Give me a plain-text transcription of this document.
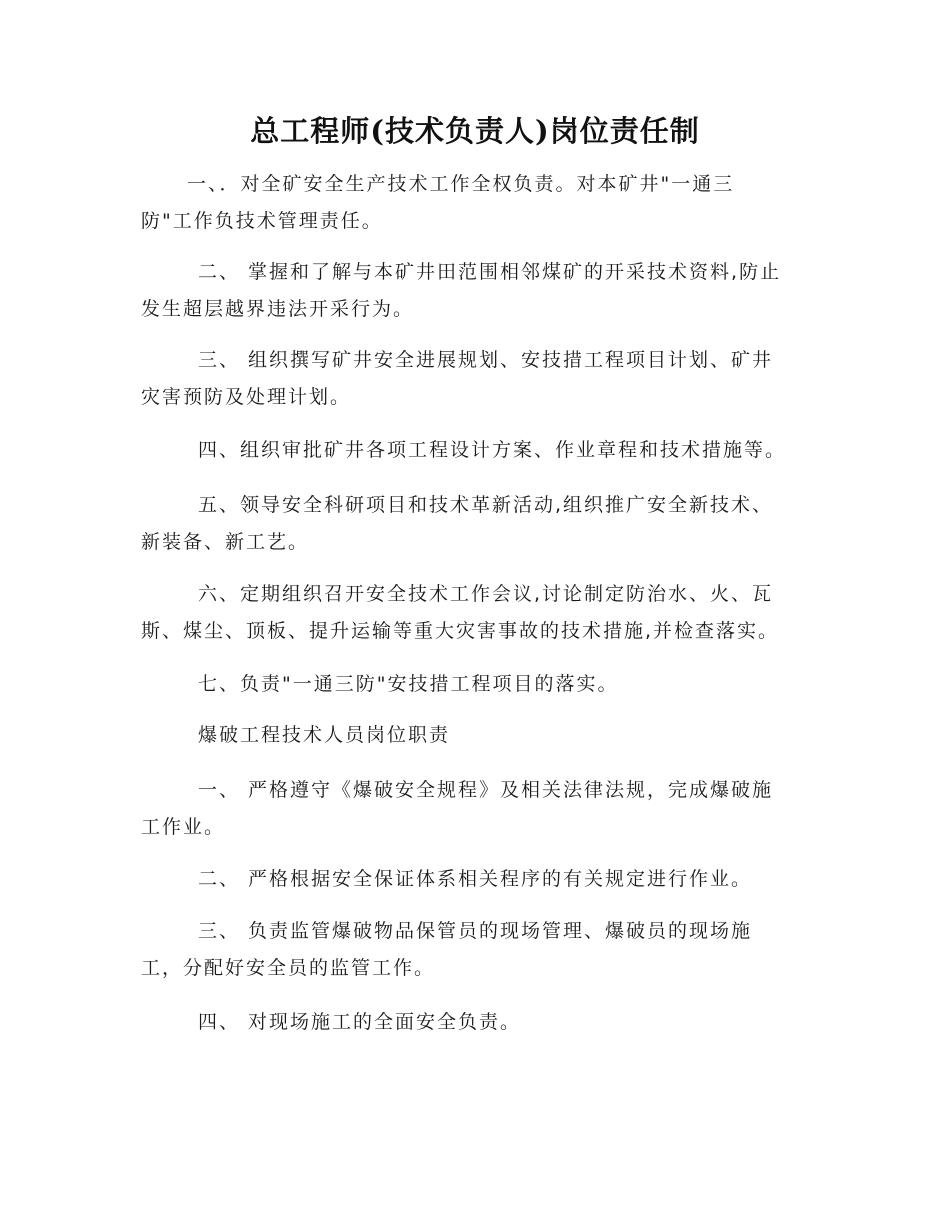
总工程师(技术负责人)岗位责任制
一、．对全矿安全生产技术工作全权负责。对本矿井"一通三
防"工作负技术管理责任。
二、 掌握和了解与本矿井田范围相邻煤矿的开采技术资料,防止
发生超层越界违法开采行为。
三、 组织撰写矿井安全进展规划、安技措工程项目计划、矿井
灾害预防及处理计划。
四、组织审批矿井各项工程设计方案、作业章程和技术措施等。
五、领导安全科研项目和技术革新活动,组织推广安全新技术、
新装备、新工艺。
六、定期组织召开安全技术工作会议,讨论制定防治水、火、瓦
斯、煤尘、顶板、提升运输等重大灾害事故的技术措施,并检查落实。
七、负责"一通三防"安技措工程项目的落实。
爆破工程技术人员岗位职责
一、 严格遵守《爆破安全规程》及相关法律法规，完成爆破施
工作业。
二、 严格根据安全保证体系相关程序的有关规定进行作业。
三、 负责监管爆破物品保管员的现场管理、爆破员的现场施
工，分配好安全员的监管工作。
四、 对现场施工的全面安全负责。
